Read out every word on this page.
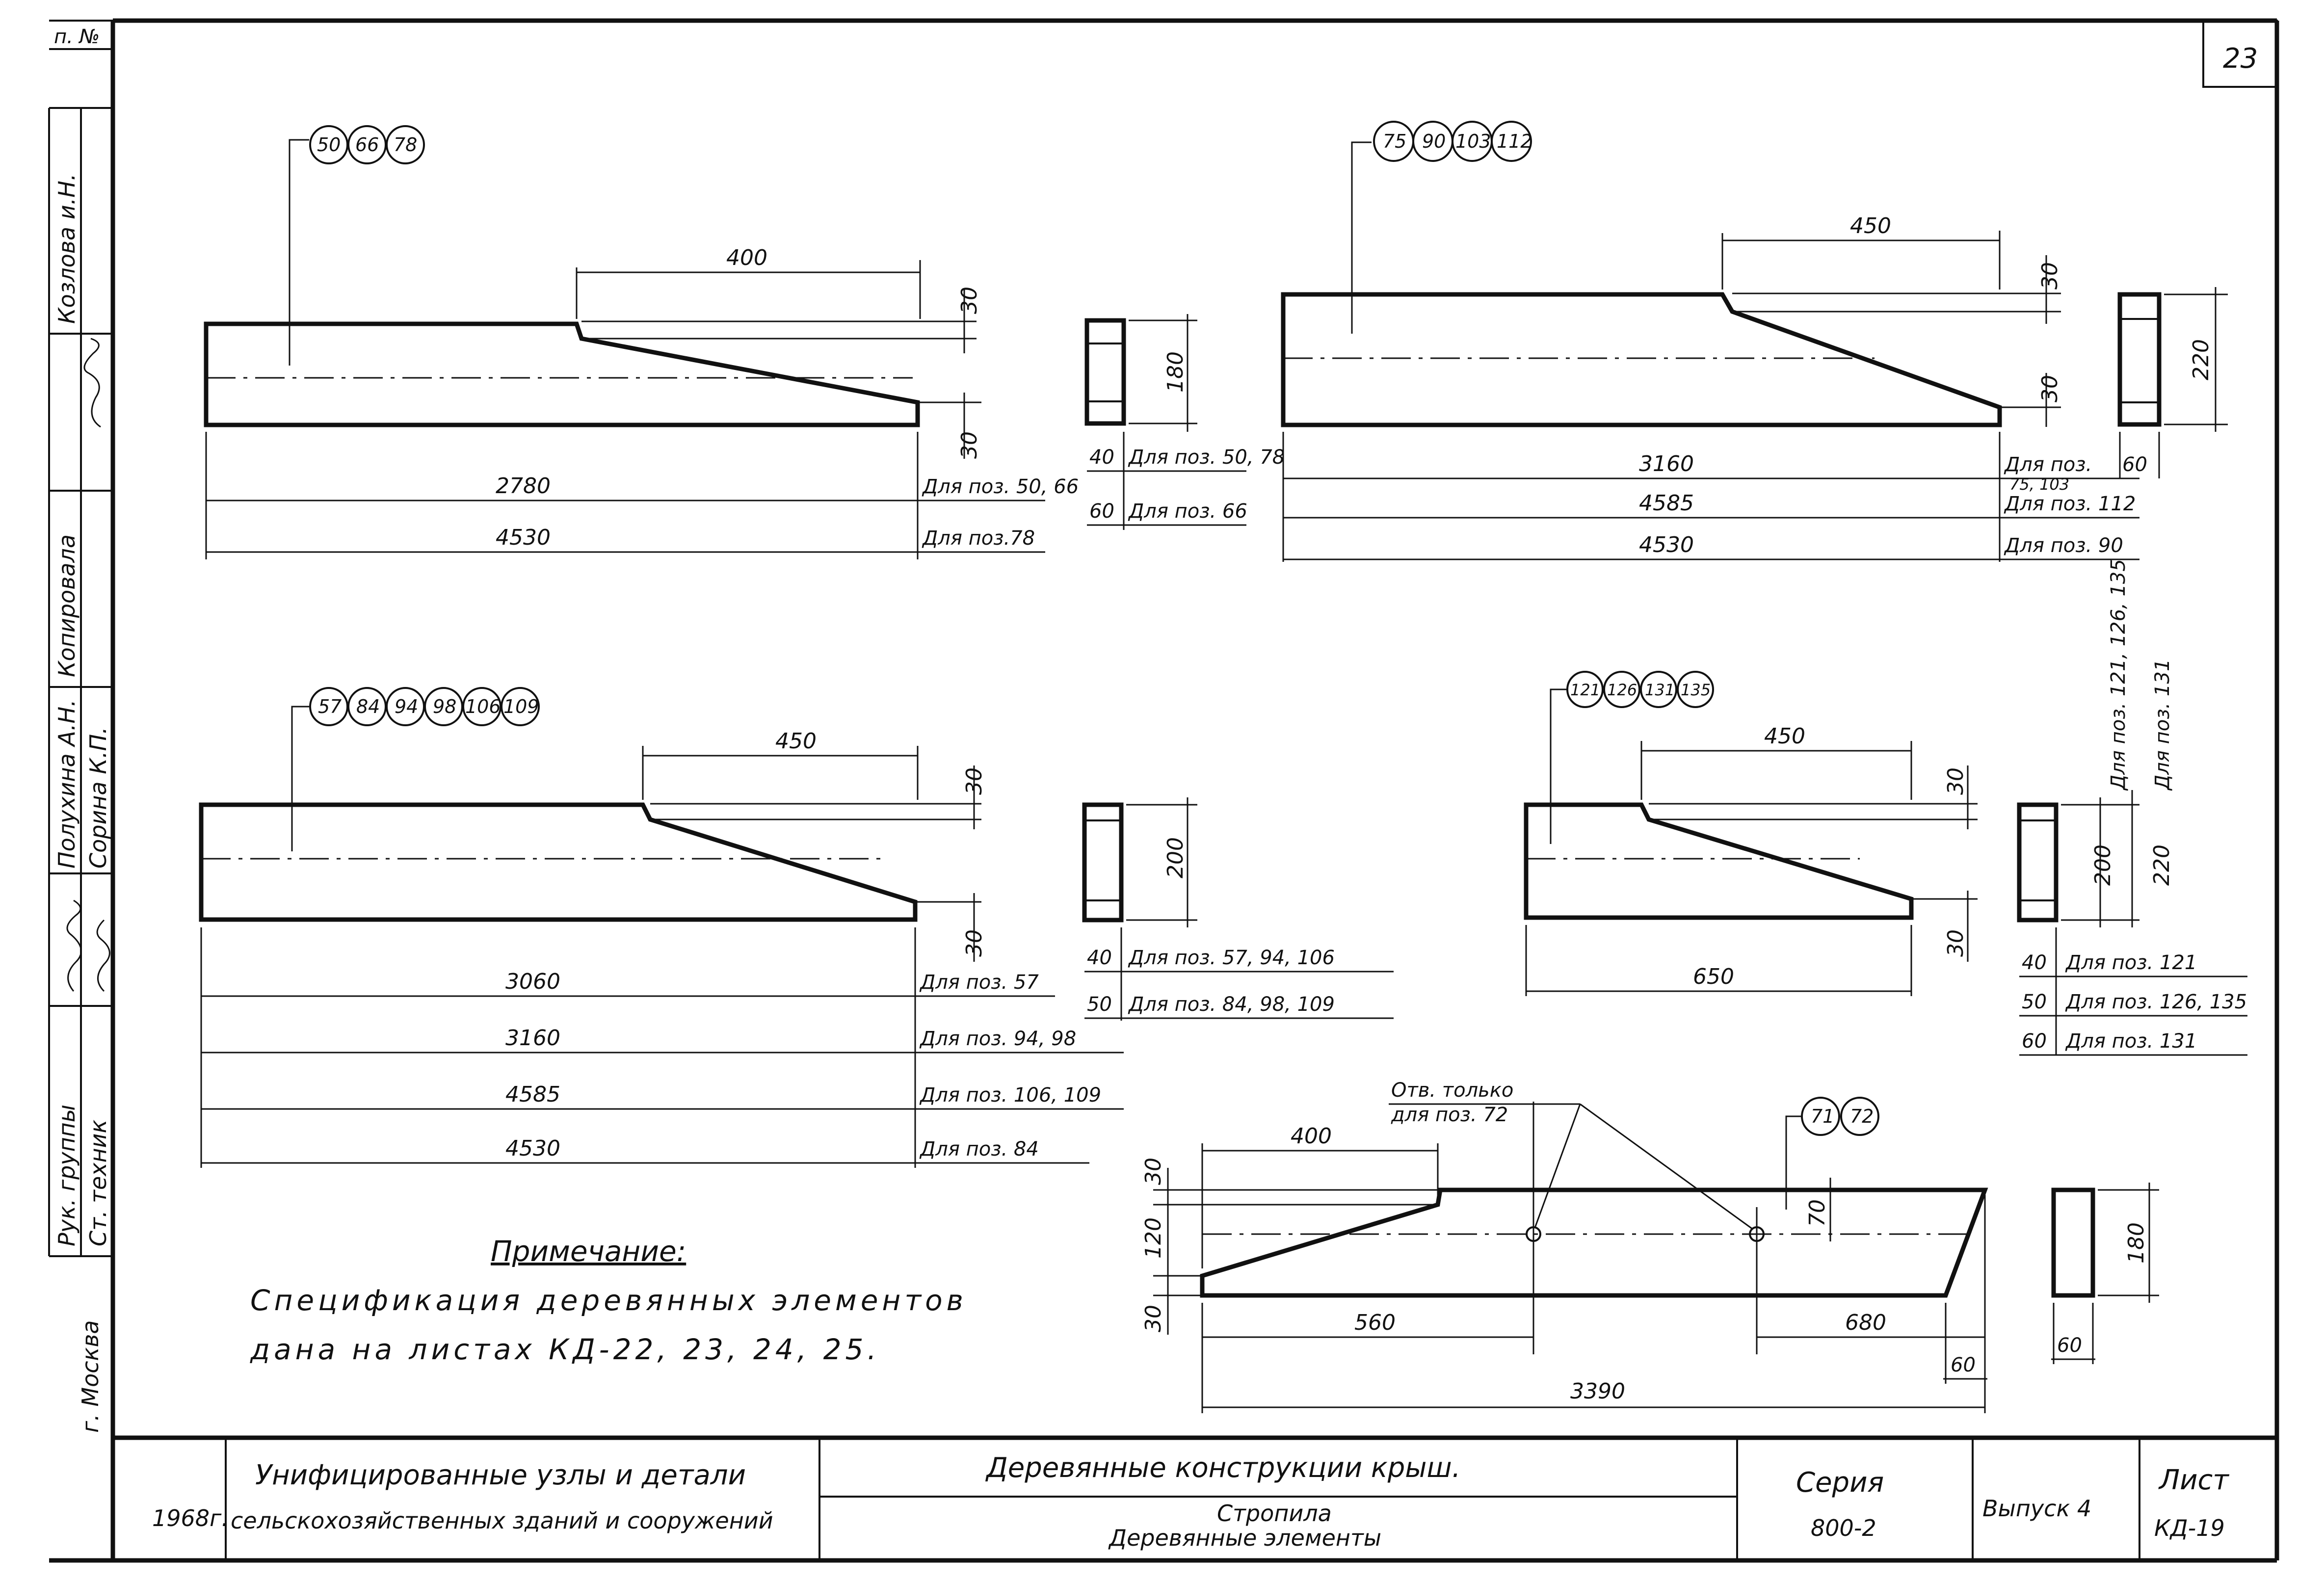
п. №
23
Козлова и.Н.
Копировала
Полухина А.Н. Сорина К.П.
Рук. группы Ст. техник
г. Москва
1968г.
Унифицированные узлы и детали
сельскохозяйственных зданий и сооружений
Деревянные конструкции крыш.
Стропила
Деревянные элементы
Серия
800-2
Выпуск 4
Лист
КД-19
Примечание:
Спецификация деревянных элементов
дана на листах КД-22, 23, 24, 25.
50 66 78
400
30
30
2780
4530
Для поз. 50, 66
Для поз.78
180
40
60
Для поз. 50, 78
Для поз. 66
75 90 103 112
450
30
30
3160
4585
4530
Для поз.
75, 103
Для поз. 112
Для поз. 90
220
60
57 84 94 98 106 109
450
30
30
3060
3160
4585
4530
Для поз. 57
Для поз. 94, 98
Для поз. 106, 109
Для поз. 84
200
40
50
Для поз. 57, 94, 106
Для поз. 84, 98, 109
121 126 131 135
450
30
30
650
200 220
Для поз. 121, 126, 135 Для поз. 131
40
50
60
Для поз. 121
Для поз. 126, 135
Для поз. 131
Отв. только
для поз. 72	71 72
400
30
120
30
70
560	680
60
3390
180
60
